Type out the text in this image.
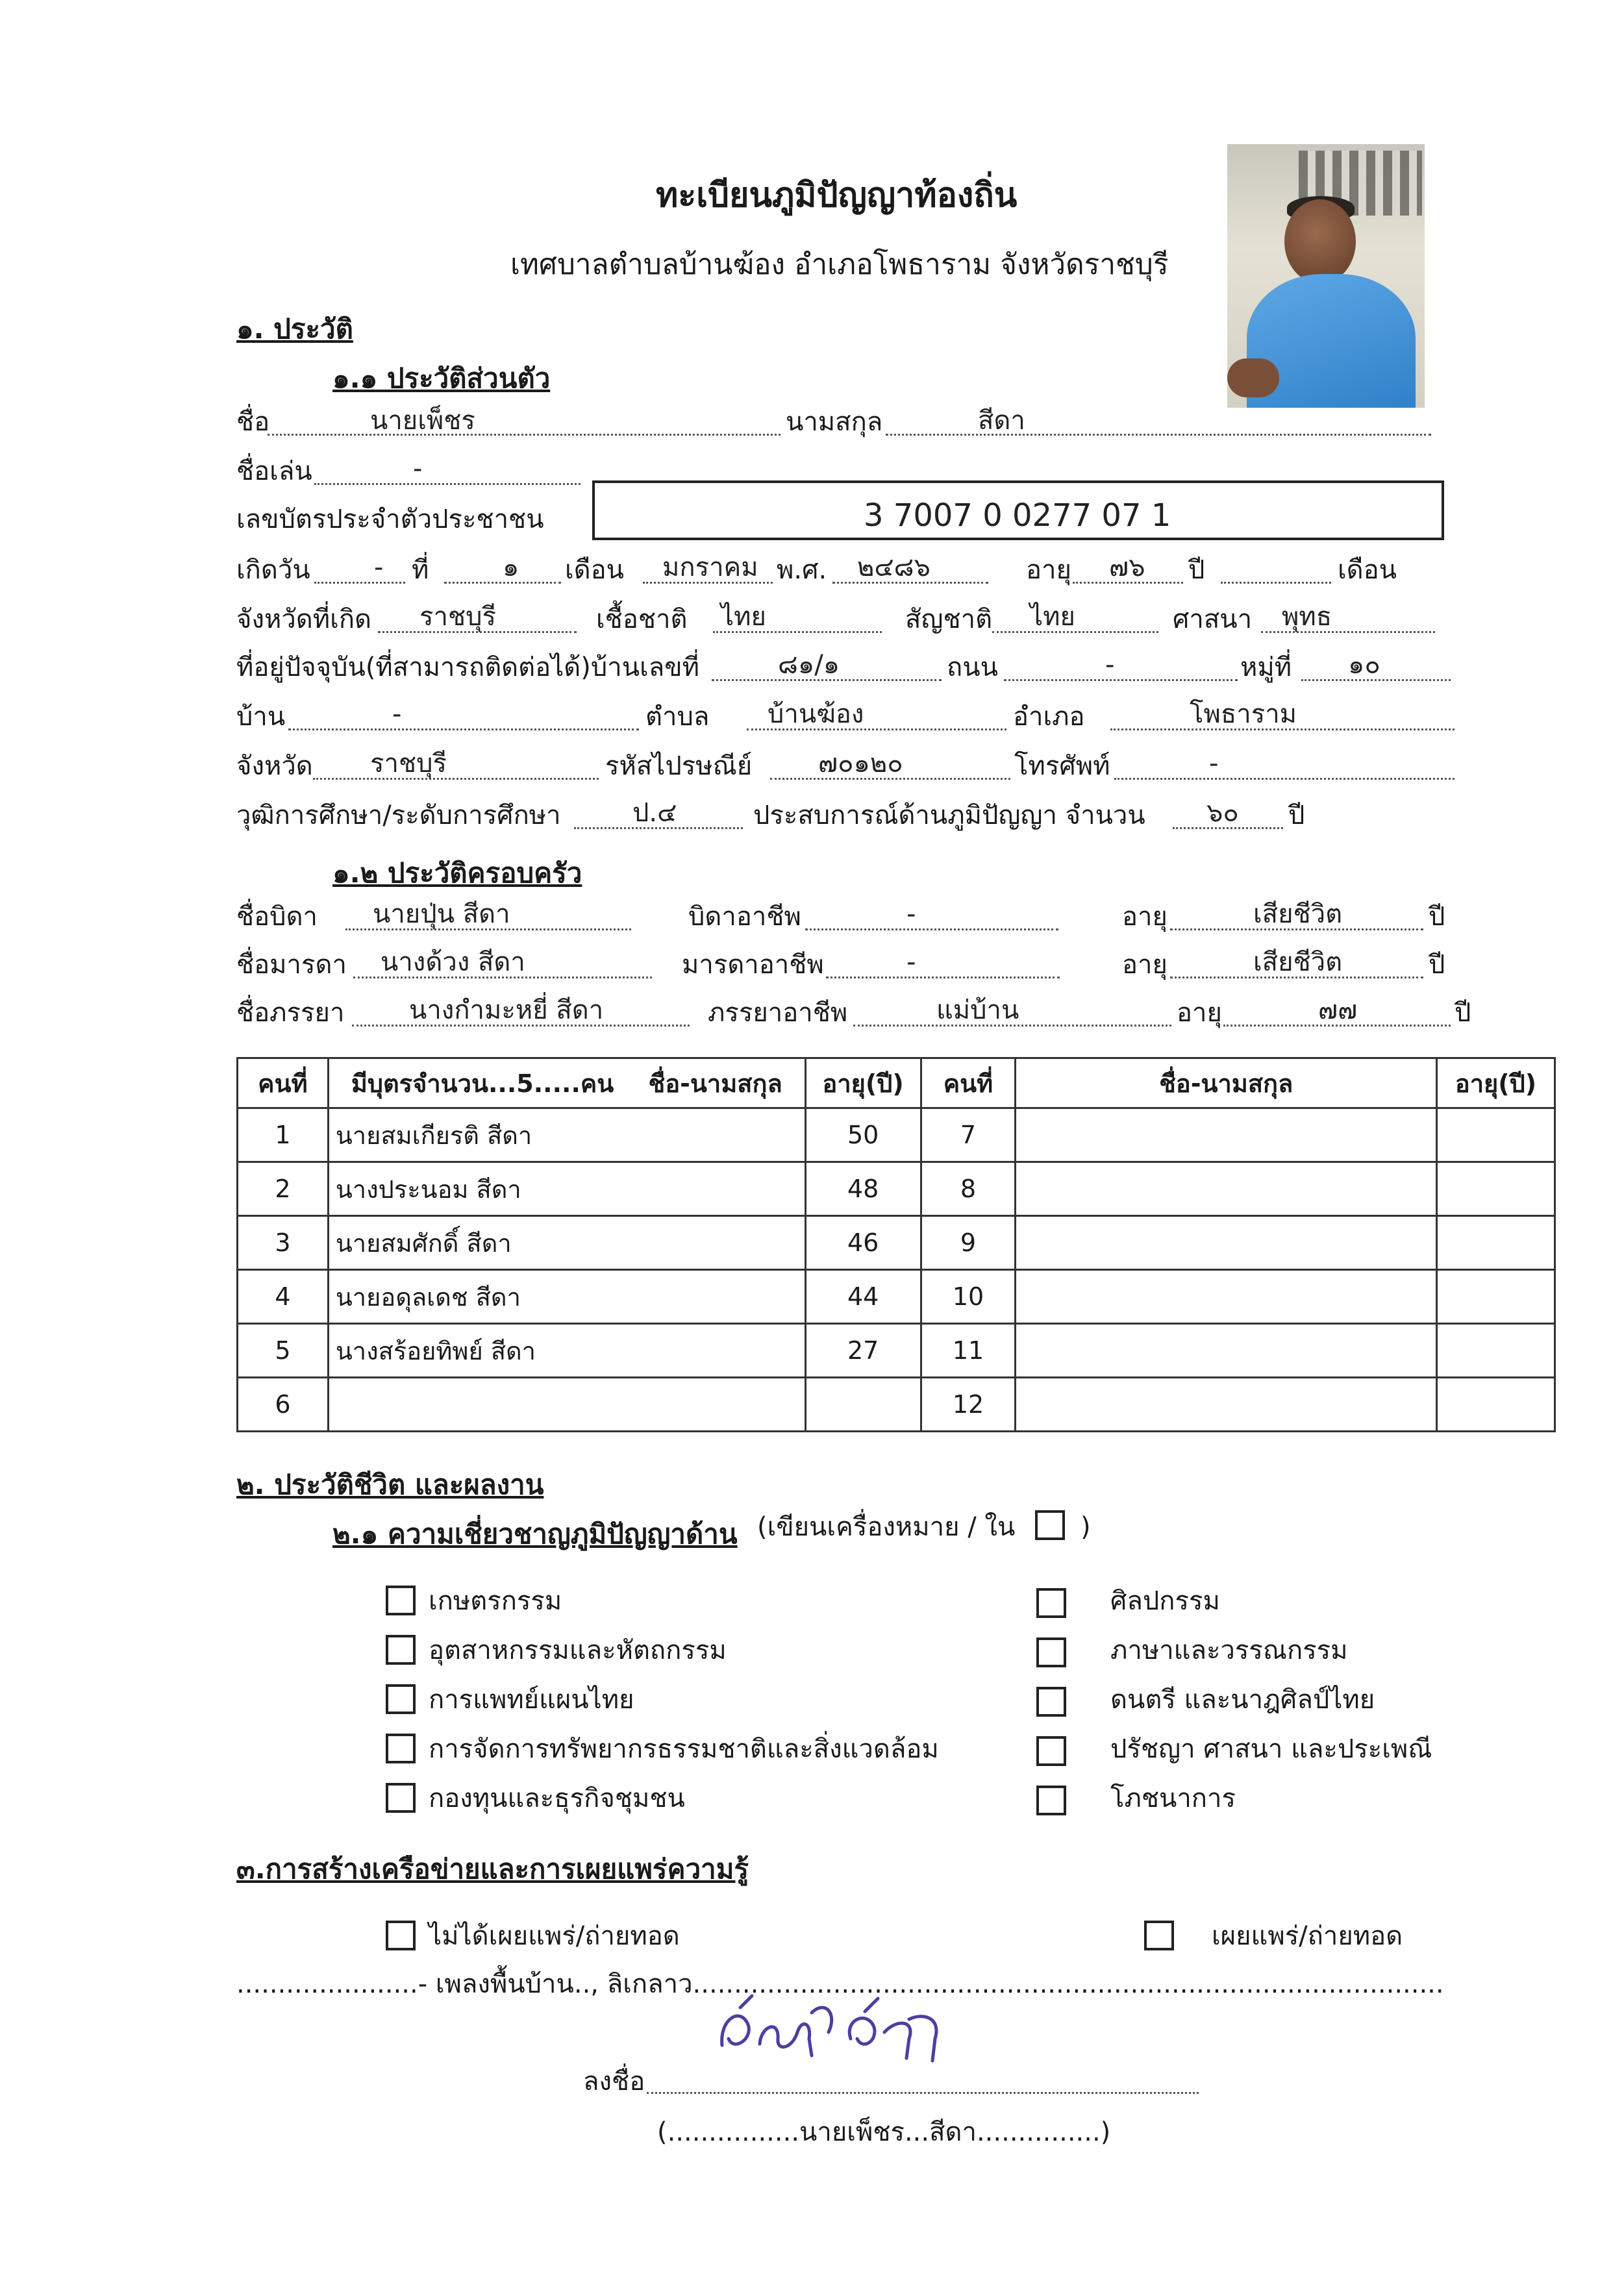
ทะเบียนภูมิปัญญาท้องถิ่น
เทศบาลตำบลบ้านฆ้อง อำเภอโพธาราม จังหวัดราชบุรี
๑. ประวัติ
๑.๑ ประวัติส่วนตัว
ชื่อ	นายเพ็ชร	นามสกุล	สีดา
ชื่อเล่น	-
เลขบัตรประจำตัวประชาชน	3 7007 0 0277 07 1
เกิดวัน - ที่	๑ เดือน มกราคม พ.ศ. ๒๔๘๖	อายุ ๗๖ ปี	เดือน
จังหวัดที่เกิด ราชบุรี	เชื้อชาติ ไทย	สัญชาติ ไทย	ศาสนา พุทธ
ที่อยู่ปัจจุบัน(ที่สามารถติดต่อได้)บ้านเลขที่	๘๑/๑	ถนน	-	หมู่ที่ ๑๐
บ้าน	-	ตำบล บ้านฆ้อง	อำเภอ	โพธาราม
จังหวัด ราชบุรี	รหัสไปรษณีย์	๗๐๑๒๐	โทรศัพท์	-
วุฒิการศึกษา/ระดับการศึกษา	ป.๔	ประสบการณ์ด้านภูมิปัญญา จำนวน ๖๐ ปี
๑.๒ ประวัติครอบครัว
ชื่อบิดา นายปุ่น สีดา	บิดาอาชีพ	-	อายุ	เสียชีวิต	ปี
ชื่อมารดา นางด้วง สีดา	มารดาอาชีพ	-	อายุ	เสียชีวิต	ปี
ชื่อภรรยา นางกำมะหยี่ สีดา	ภรรยาอาชีพ	แม่บ้าน	อายุ	๗๗	ปี
คนที่	มีบุตรจำนวน...5.....คน ชื่อ-นามสกุล	อายุ(ปี)	คนที่	ชื่อ-นามสกุล	อายุ(ปี)
1	นายสมเกียรติ สีดา	50	7		
2	นางประนอม สีดา	48	8		
3	นายสมศักดิ์ สีดา	46	9		
4	นายอดุลเดช สีดา	44	10		
5	นางสร้อยทิพย์ สีดา	27	11		
6			12		
๒. ประวัติชีวิต และผลงาน
๒.๑ ความเชี่ยวชาญภูมิปัญญาด้าน (เขียนเครื่องหมาย / ใน	)
เกษตรกรรม
อุตสาหกรรมและหัตถกรรม
การแพทย์แผนไทย
การจัดการทรัพยากรธรรมชาติและสิ่งแวดล้อม
กองทุนและธุรกิจชุมชน
ศิลปกรรม
ภาษาและวรรณกรรม
ดนตรี และนาฎศิลป์ไทย
ปรัชญา ศาสนา และประเพณี
โภชนาการ
๓.การสร้างเครือข่ายและการเผยแพร่ความรู้
ไม่ได้เผยแพร่/ถ่ายทอด	เผยแพร่/ถ่ายทอด
......................- เพลงพื้นบ้าน.., ลิเกลาว...........................................................................................
ลงชื่อ
(................นายเพ็ชร...สีดา...............)
